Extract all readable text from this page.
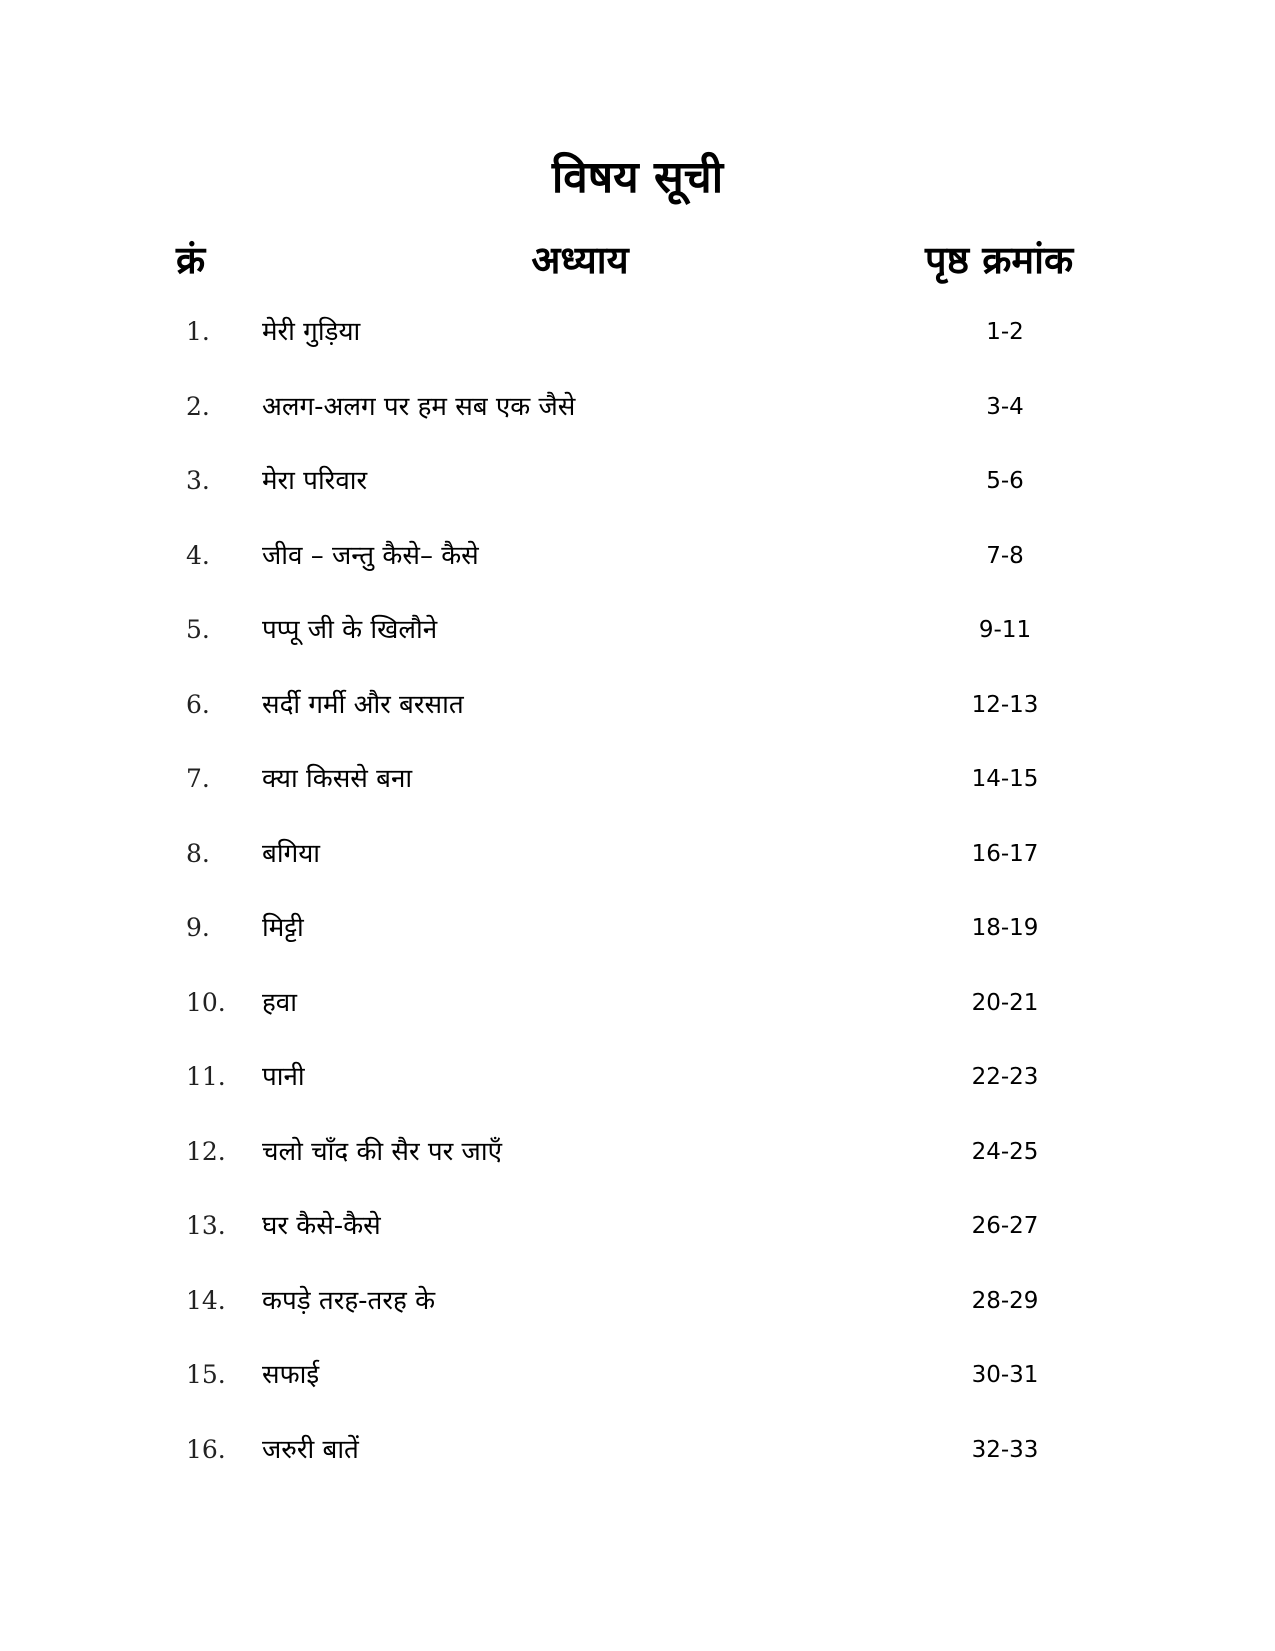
विषय सूची
क्रं	अध्याय	पृष्ठ क्रमांक
1. मेरी गुड़िया	1-2
2. अलग-अलग पर हम सब एक जैसे	3-4
3. मेरा परिवार	5-6
4. जीव – जन्तु कैसे– कैसे	7-8
5. पप्पू जी के खिलौने	9-11
6. सर्दी गर्मी और बरसात	12-13
7. क्या किससे बना	14-15
8. बगिया	16-17
9. मिट्टी	18-19
10. हवा	20-21
11. पानी	22-23
12. चलो चाँद की सैर पर जाएँ	24-25
13. घर कैसे-कैसे	26-27
14. कपड़े तरह-तरह के	28-29
15. सफाई	30-31
16. जरुरी बातें	32-33
